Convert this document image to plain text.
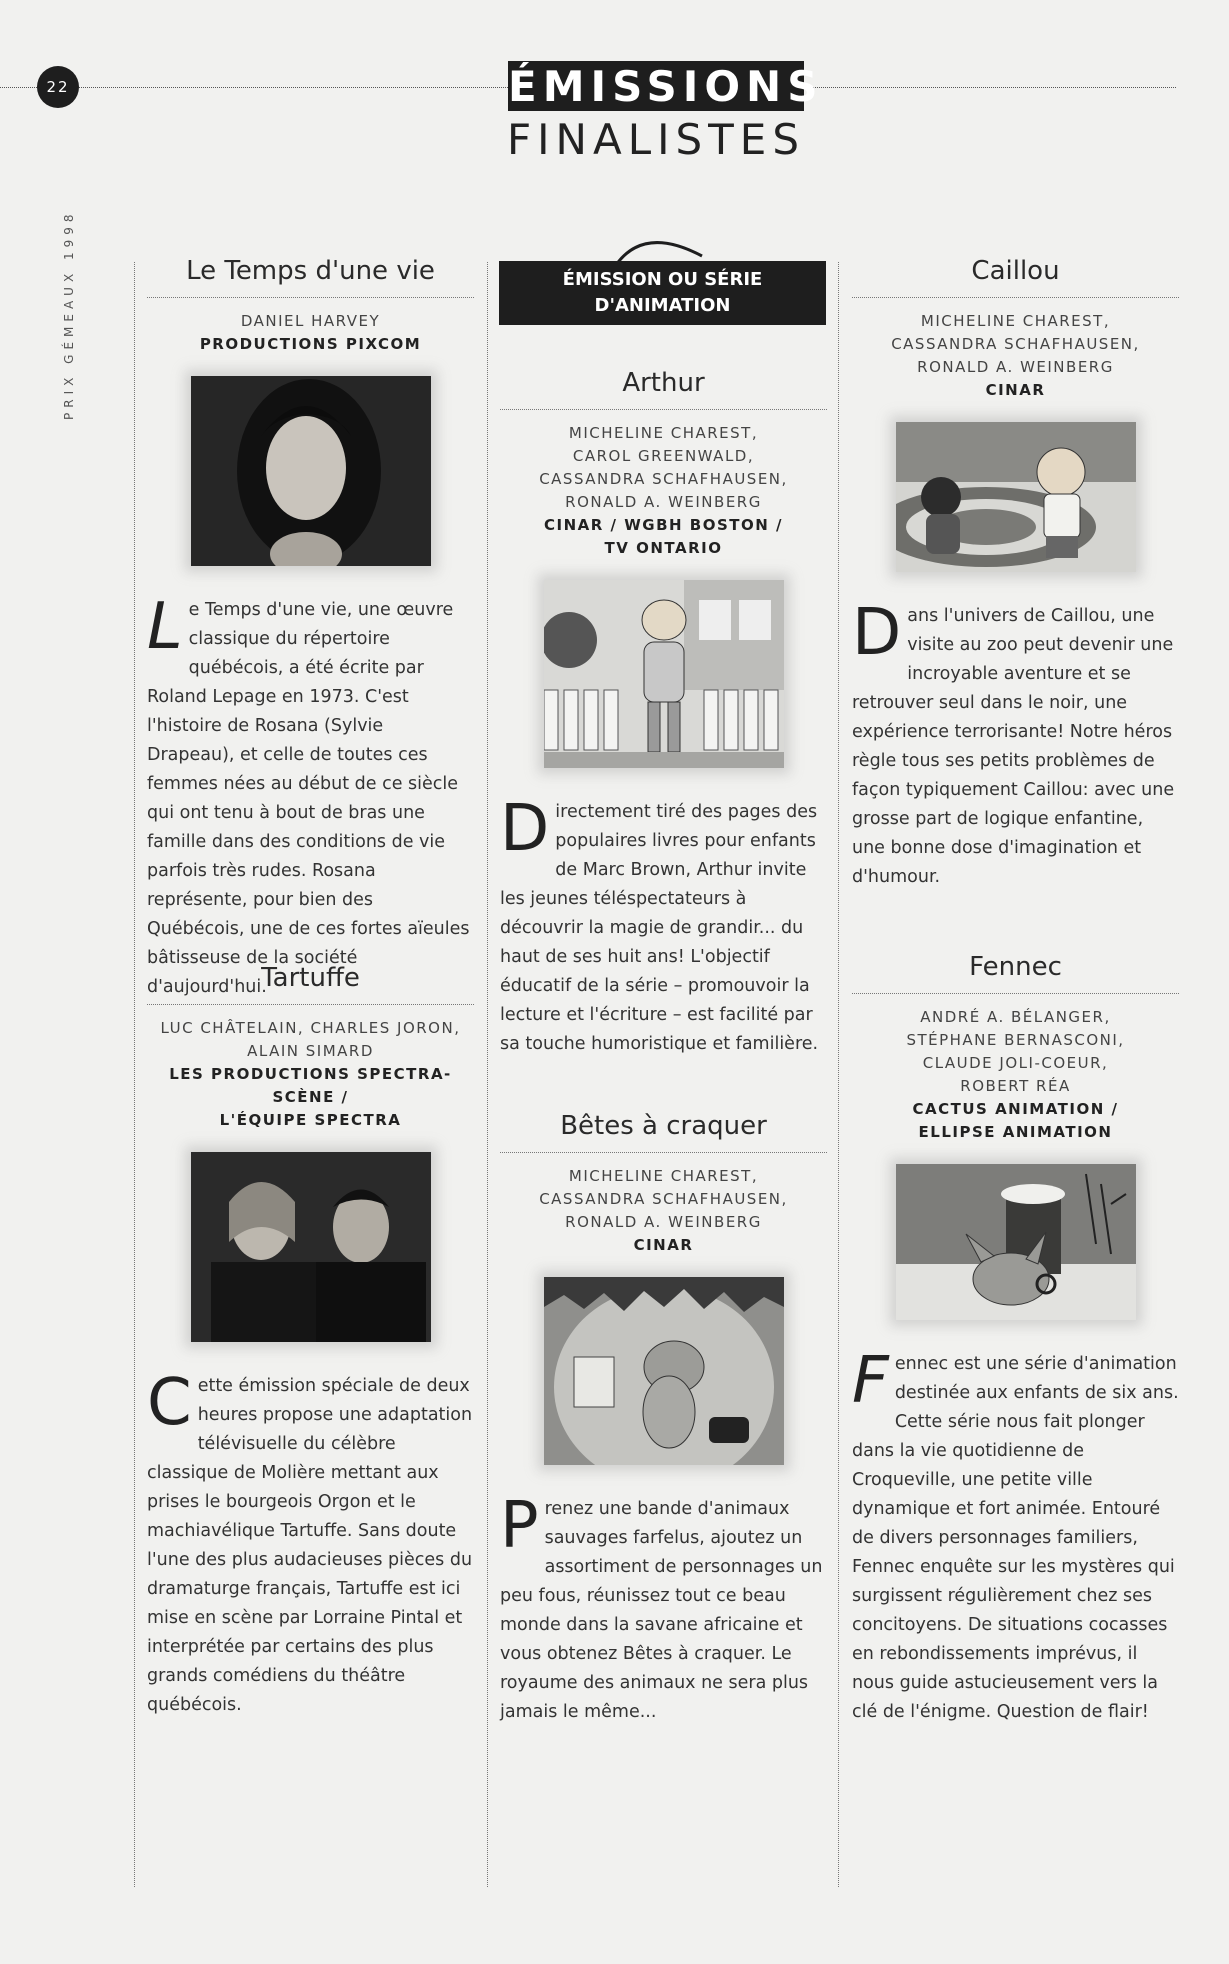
22	ÉMISSIONS
FINALISTES
PRIX GÉMEAUX 1998	ÉMISSION OU SÉRIE
D'ANIMATION
Le Temps d'une vie
DANIEL HARVEY
PRODUCTIONS PIXCOM
Le Temps d'une vie, une œuvre classique du répertoire québécois, a été écrite par Roland Lepage en 1973. C'est l'histoire de Rosana (Sylvie Drapeau), et celle de toutes ces femmes nées au début de ce siècle qui ont tenu à bout de bras une famille dans des conditions de vie parfois très rudes. Rosana représente, pour bien des Québécois, une de ces fortes aïeules bâtisseuse de la société d'aujourd'hui.
Tartuffe
LUC CHÂTELAIN, CHARLES JORON,
ALAIN SIMARD
LES PRODUCTIONS SPECTRA-SCÈNE /
L'ÉQUIPE SPECTRA
Cette émission spéciale de deux heures propose une adaptation télévisuelle du célèbre classique de Molière mettant aux prises le bourgeois Orgon et le machiavélique Tartuffe. Sans doute l'une des plus audacieuses pièces du dramaturge français, Tartuffe est ici mise en scène par Lorraine Pintal et interprétée par certains des plus grands comédiens du théâtre québécois.
Arthur
MICHELINE CHAREST,
CAROL GREENWALD,
CASSANDRA SCHAFHAUSEN,
RONALD A. WEINBERG
CINAR / WGBH BOSTON /
TV ONTARIO
Directement tiré des pages des populaires livres pour enfants de Marc Brown, Arthur invite les jeunes téléspectateurs à découvrir la magie de grandir... du haut de ses huit ans! L'objectif éducatif de la série – promouvoir la lecture et l'écriture – est facilité par sa touche humoristique et familière.
Bêtes à craquer
MICHELINE CHAREST,
CASSANDRA SCHAFHAUSEN,
RONALD A. WEINBERG
CINAR
Prenez une bande d'animaux sauvages farfelus, ajoutez un assortiment de personnages un peu fous, réunissez tout ce beau monde dans la savane africaine et vous obtenez Bêtes à craquer. Le royaume des animaux ne sera plus jamais le même...
Caillou
MICHELINE CHAREST,
CASSANDRA SCHAFHAUSEN,
RONALD A. WEINBERG
CINAR
Dans l'univers de Caillou, une visite au zoo peut devenir une incroyable aventure et se retrouver seul dans le noir, une expérience terrorisante! Notre héros règle tous ses petits problèmes de façon typiquement Caillou: avec une grosse part de logique enfantine, une bonne dose d'imagination et d'humour.
Fennec
ANDRÉ A. BÉLANGER,
STÉPHANE BERNASCONI,
CLAUDE JOLI-COEUR,
ROBERT RÉA
CACTUS ANIMATION /
ELLIPSE ANIMATION
Fennec est une série d'animation destinée aux enfants de six ans. Cette série nous fait plonger dans la vie quotidienne de Croqueville, une petite ville dynamique et fort animée. Entouré de divers personnages familiers, Fennec enquête sur les mystères qui surgissent régulièrement chez ses concitoyens. De situations cocasses en rebondissements imprévus, il nous guide astucieusement vers la clé de l'énigme. Question de flair!
